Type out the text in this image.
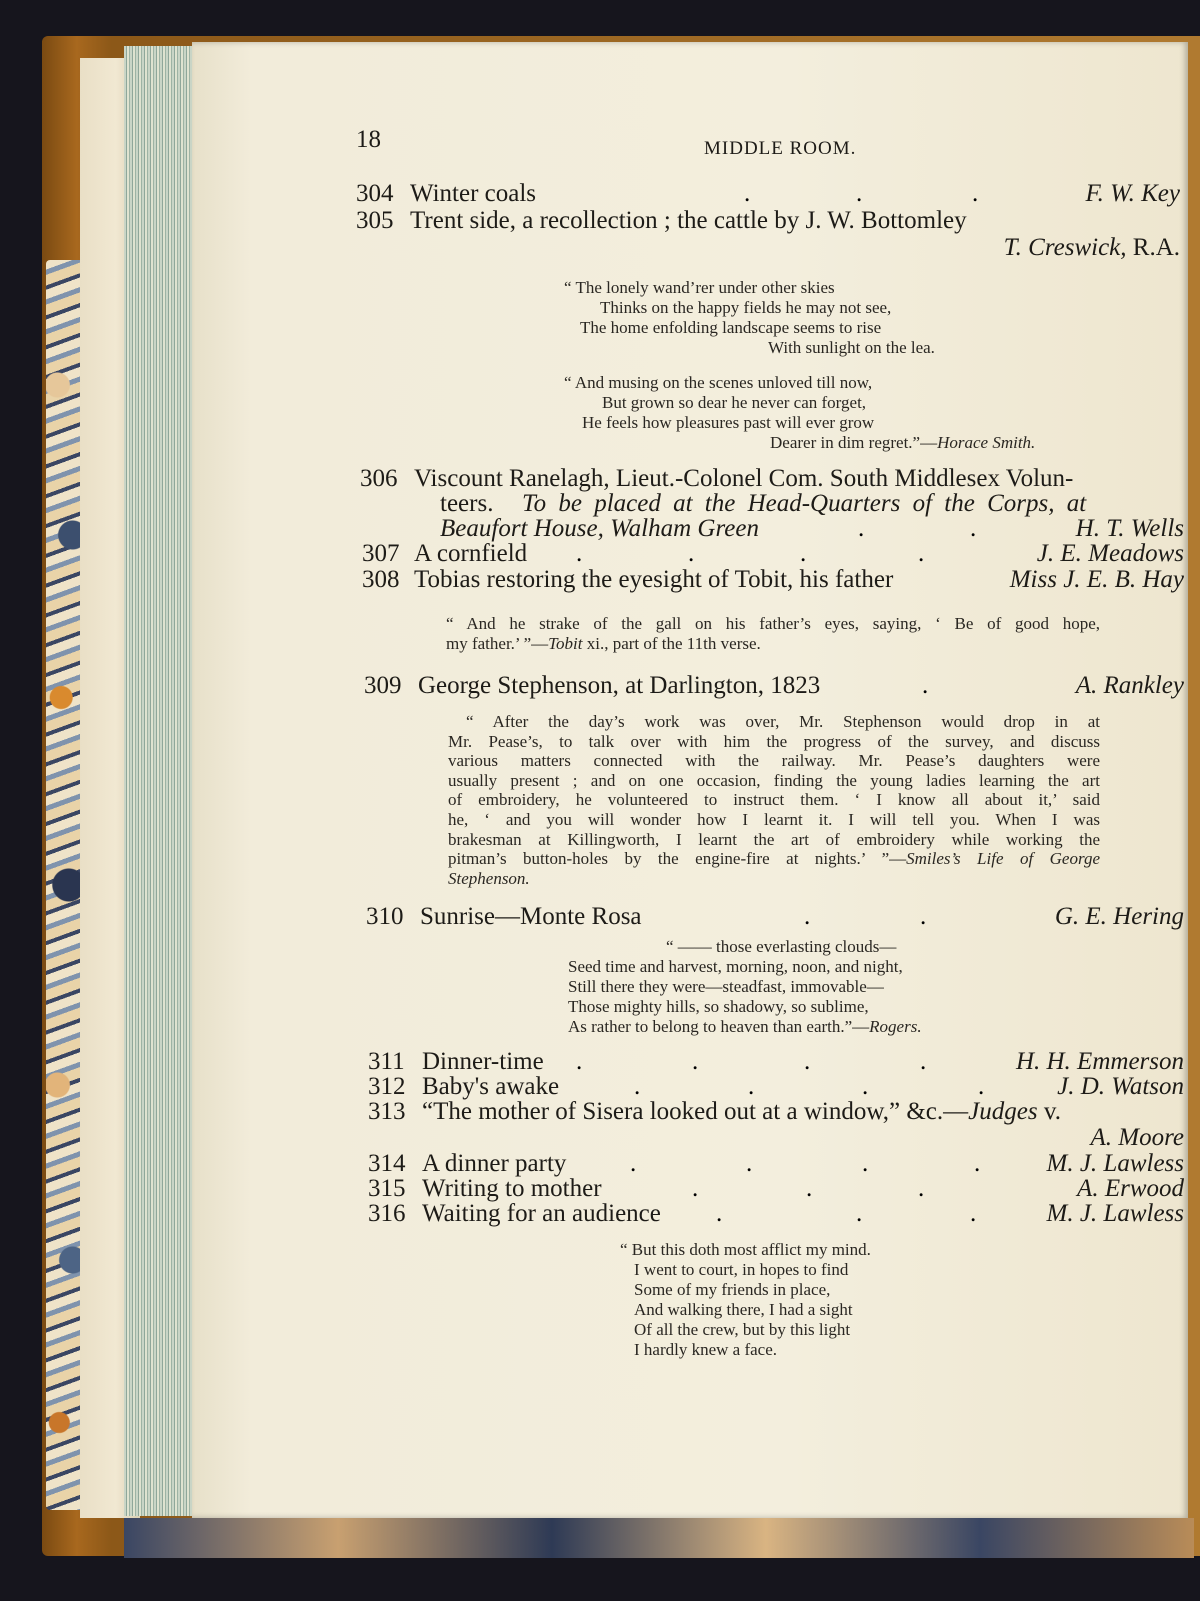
18	MIDDLE ROOM.
304 Winter coals	.	.	.	F. W. Key
305 Trent side, a recollection ; the cattle by J. W. Bottomley
T. Creswick, R.A.
“ The lonely wand’rer under other skies
Thinks on the happy fields he may not see,
The home enfolding landscape seems to rise
With sunlight on the lea.
“ And musing on the scenes unloved till now,
But grown so dear he never can forget,
He feels how pleasures past will ever grow
Dearer in dim regret.”—Horace Smith.
306 Viscount Ranelagh, Lieut.-Colonel Com. South Middlesex Volun-
teers. To be placed at the Head-Quarters of the Corps, at
Beaufort House, Walham Green	.	.	H. T. Wells
307 A cornfield .	.	.	.	J. E. Meadows
308 Tobias restoring the eyesight of Tobit, his father	Miss J. E. B. Hay

“ And he strake of the gall on his father’s eyes, saying, ‘ Be of good hope,

my father.’ ”—Tobit xi., part of the 11th verse.

309 George Stephenson, at Darlington, 1823	.	A. Rankley

“ After the day’s work was over, Mr. Stephenson would drop in at

Mr. Pease’s, to talk over with him the progress of the survey, and discuss

various matters connected with the railway. Mr. Pease’s daughters were

usually present ; and on one occasion, finding the young ladies learning the art

of embroidery, he volunteered to instruct them. ‘ I know all about it,’ said

he, ‘ and you will wonder how I learnt it. I will tell you. When I was

brakesman at Killingworth, I learnt the art of embroidery while working the

pitman’s button-holes by the engine-fire at nights.’ ”—Smiles’s Life of George

Stephenson.

310 Sunrise—Monte Rosa	.	.	G. E. Hering
“ —— those everlasting clouds—
Seed time and harvest, morning, noon, and night,
Still there they were—steadfast, immovable—
Those mighty hills, so shadowy, so sublime,
As rather to belong to heaven than earth.”—Rogers.
311 Dinner-time .	.	.	.	H. H. Emmerson
312 Baby's awake	.	.	.	.	J. D. Watson
313 “The mother of Sisera looked out at a window,” &c.—Judges v.
A. Moore
314 A dinner party	.	.	.	.	M. J. Lawless
315 Writing to mother	.	.	.	A. Erwood
316 Waiting for an audience .	.	.	M. J. Lawless
“ But this doth most afflict my mind.
I went to court, in hopes to find
Some of my friends in place,
And walking there, I had a sight
Of all the crew, but by this light
I hardly knew a face.
